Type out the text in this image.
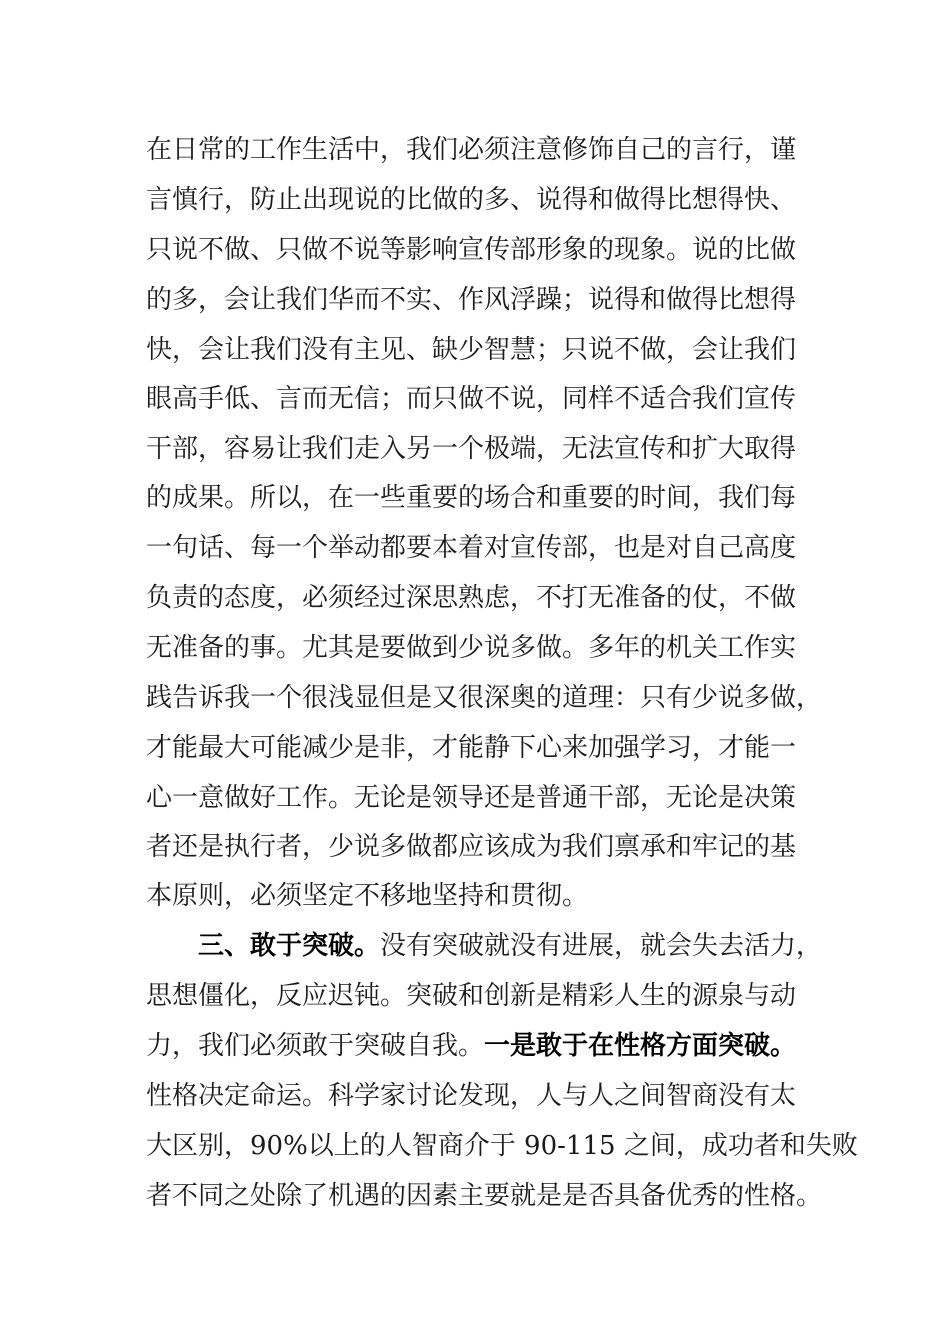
在日常的工作生活中，我们必须注意修饰自己的言行，谨

言慎行，防止出现说的比做的多、说得和做得比想得快、

只说不做、只做不说等影响宣传部形象的现象。说的比做

的多，会让我们华而不实、作风浮躁；说得和做得比想得

快，会让我们没有主见、缺少智慧；只说不做，会让我们

眼高手低、言而无信；而只做不说，同样不适合我们宣传

干部，容易让我们走入另一个极端，无法宣传和扩大取得

的成果。所以，在一些重要的场合和重要的时间，我们每

一句话、每一个举动都要本着对宣传部，也是对自己高度

负责的态度，必须经过深思熟虑，不打无准备的仗，不做

无准备的事。尤其是要做到少说多做。多年的机关工作实

践告诉我一个很浅显但是又很深奥的道理：只有少说多做，

才能最大可能减少是非，才能静下心来加强学习，才能一

心一意做好工作。无论是领导还是普通干部，无论是决策

者还是执行者，少说多做都应该成为我们禀承和牢记的基

本原则，必须坚定不移地坚持和贯彻。

三、敢于突破。没有突破就没有进展，就会失去活力，

思想僵化，反应迟钝。突破和创新是精彩人生的源泉与动

力，我们必须敢于突破自我。一是敢于在性格方面突破。

性格决定命运。科学家讨论发现，人与人之间智商没有太

大区别，90%以上的人智商介于 90-115 之间，成功者和失败

者不同之处除了机遇的因素主要就是是否具备优秀的性格。
